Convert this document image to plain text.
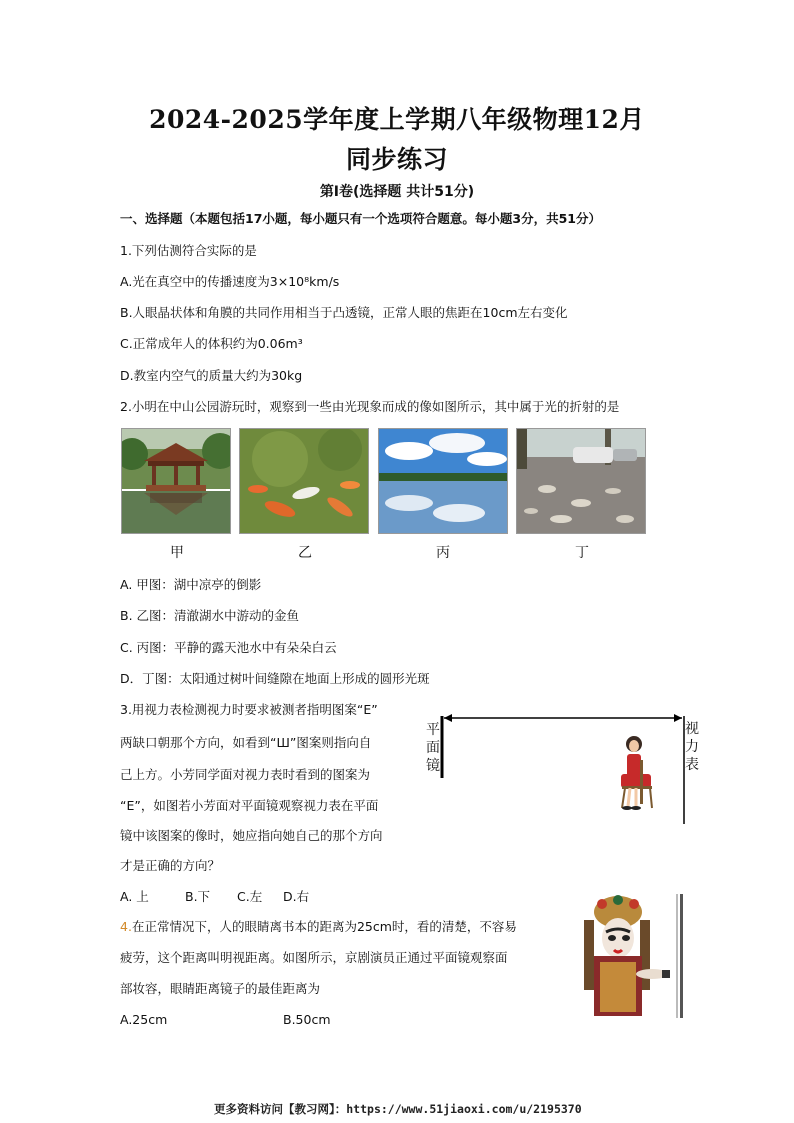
2024-2025学年度上学期八年级物理12月
同步练习
第Ⅰ卷(选择题 共计51分)
一、选择题（本题包括17小题，每小题只有一个选项符合题意。每小题3分，共51分）
1.下列估测符合实际的是
A.光在真空中的传播速度为3×10⁸km/s
B.人眼晶状体和角膜的共同作用相当于凸透镜，正常人眼的焦距在10cm左右变化
C.正常成年人的体积约为0.06m³
D.教室内空气的质量大约为30kg
2.小明在中山公园游玩时，观察到一些由光现象而成的像如图所示，其中属于光的折射的是
甲	乙	丙	丁
A. 甲图：湖中凉亭的倒影
B. 乙图：清澈湖水中游动的金鱼
C. 丙图：平静的露天池水中有朵朵白云
D．丁图：太阳通过树叶间缝隙在地面上形成的圆形光斑
3.用视力表检测视力时要求被测者指明图案“E”
两缺口朝那个方向，如看到“Ш”图案则指向自
己上方。小芳同学面对视力表时看到的图案为
“E”，如图若小芳面对平面镜观察视力表在平面
镜中该图案的像时，她应指向她自己的那个方向
才是正确的方向？
平
面
镜
视
力
表
A. 上	B.下 C.左 D.右
4.在正常情况下，人的眼睛离书本的距离为25cm时，看的清楚，不容易
疲劳，这个距离叫明视距离。如图所示，京剧演员正通过平面镜观察面
部妆容，眼睛距离镜子的最佳距离为
A.25cm	B.50cm
更多资料访问【教习网】：https://www.51jiaoxi.com/u/2195370
